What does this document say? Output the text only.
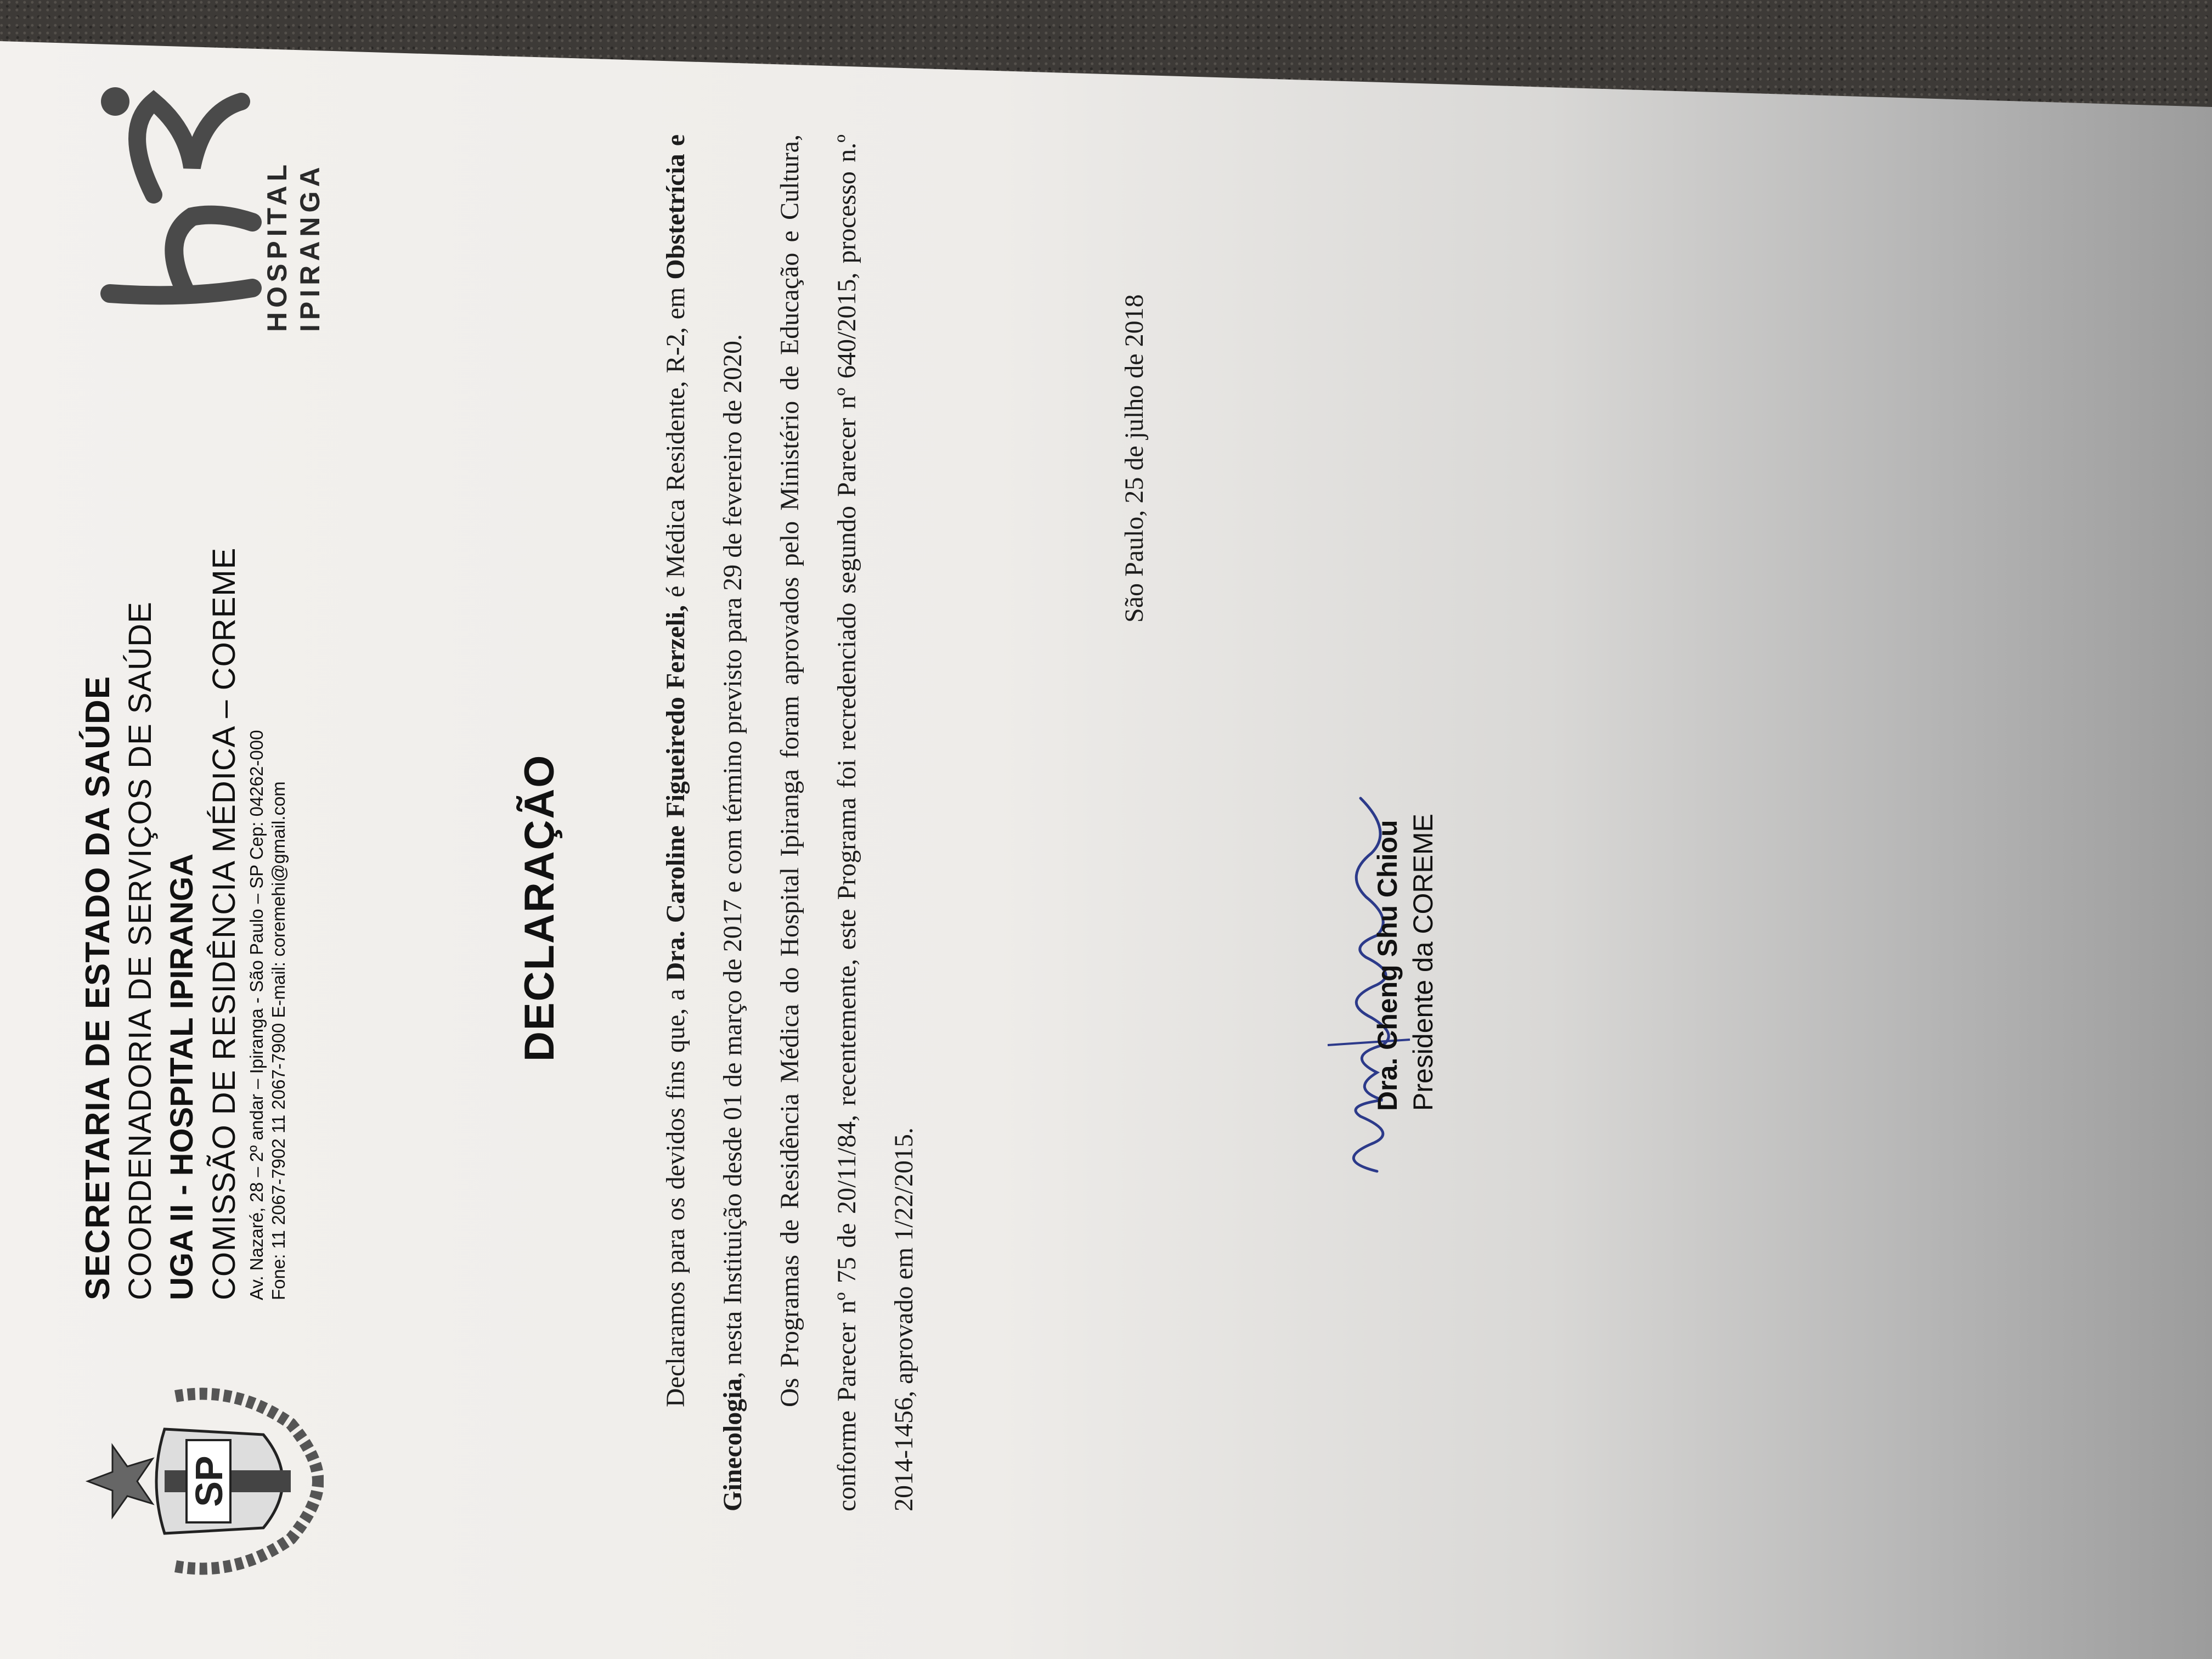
SP
SECRETARIA DE ESTADO DA SAÚDE COORDENADORIA DE SERVIÇOS DE SAÚDE UGA II - HOSPITAL IPIRANGA COMISSÃO DE RESIDÊNCIA MÉDICA – COREME Av. Nazaré, 28 – 2º andar – Ipiranga - São Paulo – SP Cep: 04262-000 Fone: 11 2067-7902 11 2067-7900 E-mail: coremehi@gmail.com
HOSPITAL IPIRANGA
DECLARAÇÃO

Declaramos para os devidos fins que, a Dra. Caroline Figueiredo Ferzeli, é Médica Residente, R-2, em Obstetrícia e Ginecologia, nesta Instituição desde 01 de março de 2017 e com término previsto para 29 de fevereiro de 2020.	Os Programas de Residência Médica do Hospital Ipiranga foram aprovados pelo Ministério de Educação e Cultura, conforme Parecer nº 75 de 20/11/84, recentemente, este Programa foi recredenciado segundo Parecer nº 640/2015, processo n.º 2014-1456, aprovado em 1/22/2015.

São Paulo, 25 de julho de 2018
Dra. Cheng Shu Chiou Presidente da COREME
